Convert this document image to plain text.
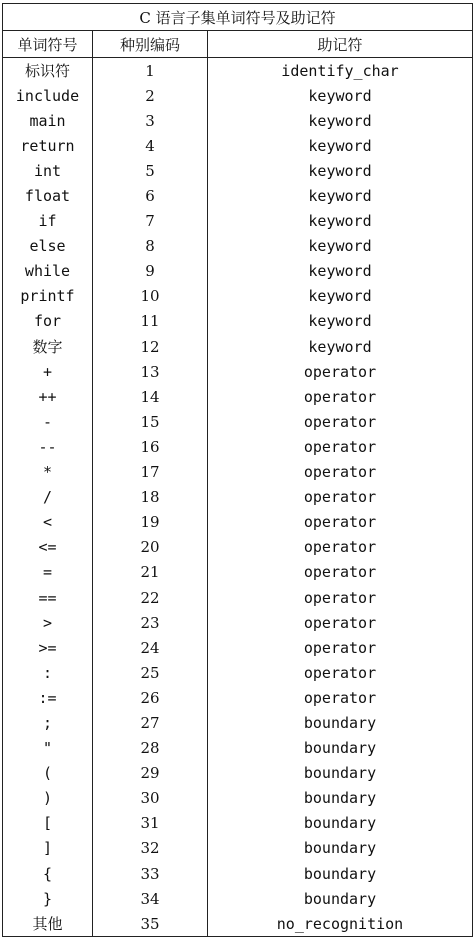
C 语言子集单词符号及助记符		
单词符号	种别编码	助记符
标识符	1	identify_char
include	2	keyword
main	3	keyword
return	4	keyword
int	5	keyword
float	6	keyword
if	7	keyword
else	8	keyword
while	9	keyword
printf	10	keyword
for	11	keyword
数字	12	keyword
+	13	operator
++	14	operator
-	15	operator
--	16	operator
*	17	operator
/	18	operator
<	19	operator
<=	20	operator
=	21	operator
==	22	operator
>	23	operator
>=	24	operator
:	25	operator
:=	26	operator
;	27	boundary
"	28	boundary
(	29	boundary
)	30	boundary
[	31	boundary
]	32	boundary
{	33	boundary
}	34	boundary
其他	35	no_recognition
